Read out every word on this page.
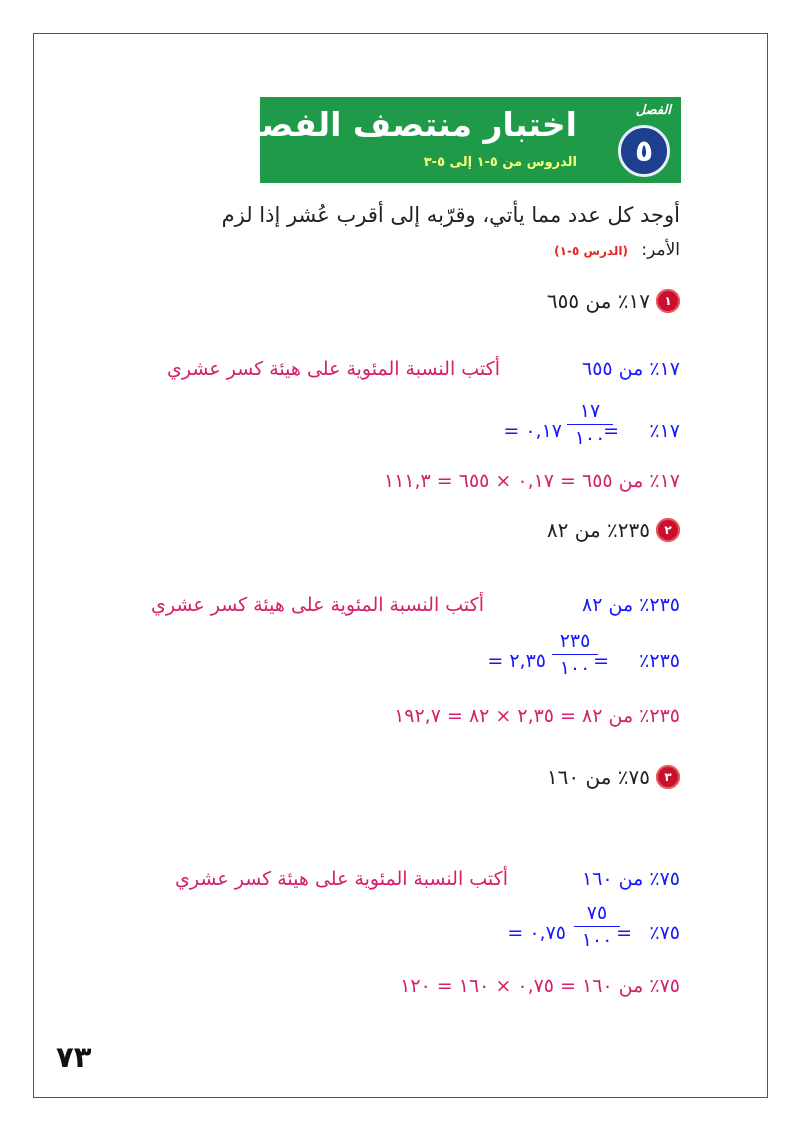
اختبار منتصف الفصل
الدروس من ٥-١ إلى ٥-٣
الفصل
٥
أوجد كل عدد مما يأتي، وقرّبه إلى أقرب عُشر إذا لزم
الأمر: (الدرس ٥-١)
١
١٧٪ من ٦٥٥
١٧٪ من ٦٥٥
أكتب النسبة المئوية على هيئة كسر عشري
١٧٪
=
١٧
١٠٠
٠,١٧ =
١٧٪ من ٦٥٥ = ٠,١٧ × ٦٥٥ = ١١١,٣
٢
٢٣٥٪ من ٨٢
٢٣٥٪ من ٨٢
أكتب النسبة المئوية على هيئة كسر عشري
٢٣٥٪
=
٢٣٥
١٠٠
٢,٣٥ =
٢٣٥٪ من ٨٢ = ٢,٣٥ × ٨٢ = ١٩٢,٧
٣
٧٥٪ من ١٦٠
٧٥٪ من ١٦٠
أكتب النسبة المئوية على هيئة كسر عشري
٧٥٪
=
٧٥
١٠٠
٠,٧٥ =
٧٥٪ من ١٦٠ = ٠,٧٥ × ١٦٠ = ١٢٠
٧٣
